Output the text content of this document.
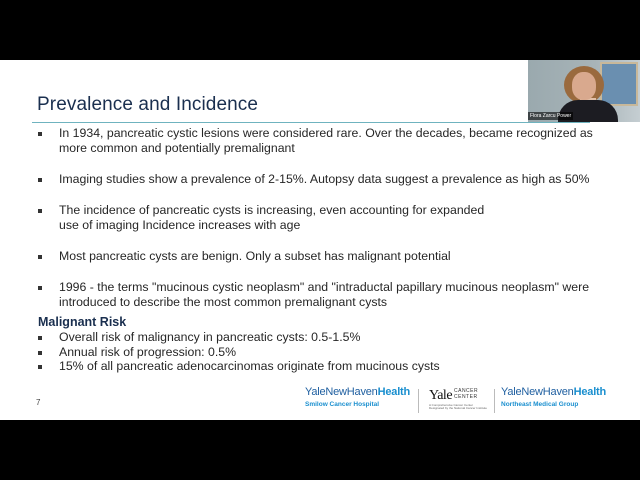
Prevalence and Incidence
In 1934, pancreatic cystic lesions were considered rare. Over the decades, became recognized as more common and potentially premalignant
Imaging studies show a prevalence of 2-15%. Autopsy data suggest a prevalence as high as 50%
The incidence of pancreatic cysts is increasing, even accounting for expanded use of imaging Incidence increases with age
Most pancreatic cysts are benign. Only a subset has malignant potential
1996 - the terms "mucinous cystic neoplasm" and "intraductal papillary mucinous neoplasm" were introduced to describe the most common premalignant cysts
Malignant Risk
Overall risk of malignancy in pancreatic cysts: 0.5-1.5%
Annual risk of progression: 0.5%
15% of all pancreatic adenocarcinomas originate from mucinous cysts
7
YaleNewHavenHealth
Smilow Cancer Hospital
Yale CANCER
CENTER
A Comprehensive Cancer Center Designated by the National Cancer Institute
YaleNewHavenHealth
Northeast Medical Group
Flora Zarcu Power
